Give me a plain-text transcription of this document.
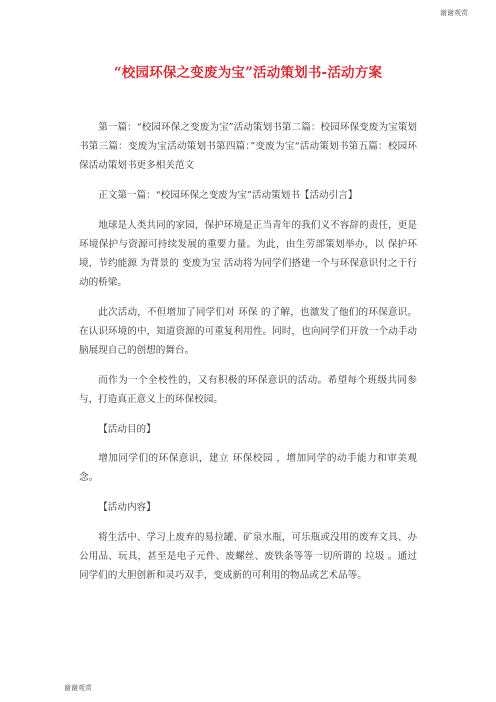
谢谢观赏
“校园环保之变废为宝”活动策划书-活动方案

第一篇：“校园环保之变废为宝”活动策划书第二篇：校园环保变废为宝策划书第三篇：变废为宝活动策划书第四篇：”变废为宝“活动策划书第五篇：校园环保活动策划书更多相关范文

正文第一篇：“校园环保之变废为宝”活动策划书【活动引言】

地球是人类共同的家园，保护环境是正当青年的我们义不容辞的责任，更是环境保护与资源可持续发展的重要力量。为此，由生劳部策划举办，以 保护环境，节约能源 为背景的 变废为宝 活动将为同学们搭建一个与环保意识付之于行动的桥梁。

此次活动，不但增加了同学们对 环保 的了解，也激发了他们的环保意识。在认识环境的中，知道资源的可重复利用性。同时，也向同学们开放一个动手动脑展现自己的创想的舞台。

而作为一个全校性的，又有积极的环保意识的活动。希望每个班级共同参与，打造真正意义上的环保校园。

【活动目的】

增加同学们的环保意识，建立 环保校园 ，增加同学的动手能力和审美观念。

【活动内容】

将生活中、学习上废弃的易拉罐、矿泉水瓶，可乐瓶或没用的废弃文具、办公用品、玩具，甚至是电子元件、废螺丝、废铁条等等一切所谓的 垃圾 。通过同学们的大胆创新和灵巧双手，变成新的可利用的物品或艺术品等。

谢谢观赏
